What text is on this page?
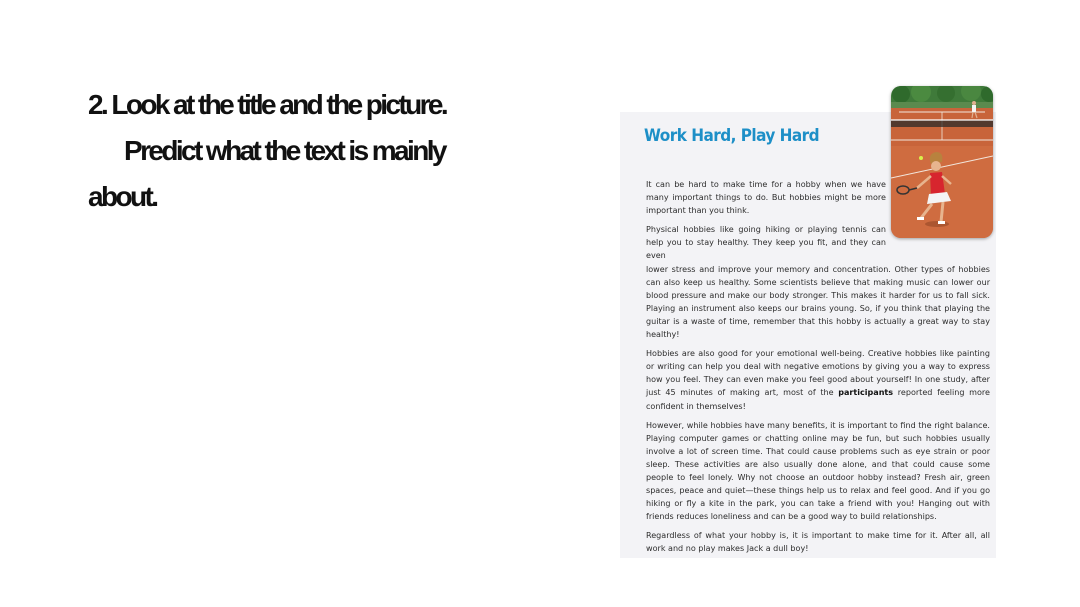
2. Look at the title and the picture.
Predict what the text is mainly
about.
Work Hard, Play Hard

It can be hard to make time for a hobby when we have many important things to do. But hobbies might be more important than you think.

Physical hobbies like going hiking or playing tennis can help you to stay healthy. They keep you fit, and they can even
lower stress and improve your memory and concentration. Other types of hobbies can also keep us healthy. Some scientists believe that making music can lower our blood pressure and make our body stronger. This makes it harder for us to fall sick. Playing an instrument also keeps our brains young. So, if you think that playing the guitar is a waste of time, remember that this hobby is actually a great way to stay healthy!

Hobbies are also good for your emotional well-being. Creative hobbies like painting or writing can help you deal with negative emotions by giving you a way to express how you feel. They can even make you feel good about yourself! In one study, after just 45 minutes of making art, most of the participants reported feeling more confident in themselves!

However, while hobbies have many benefits, it is important to find the right balance. Playing computer games or chatting online may be fun, but such hobbies usually involve a lot of screen time. That could cause problems such as eye strain or poor sleep. These activities are also usually done alone, and that could cause some people to feel lonely. Why not choose an outdoor hobby instead? Fresh air, green spaces, peace and quiet—these things help us to relax and feel good. And if you go hiking or fly a kite in the park, you can take a friend with you! Hanging out with friends reduces loneliness and can be a good way to build relationships.

Regardless of what your hobby is, it is important to make time for it. After all, all work and no play makes Jack a dull boy!
